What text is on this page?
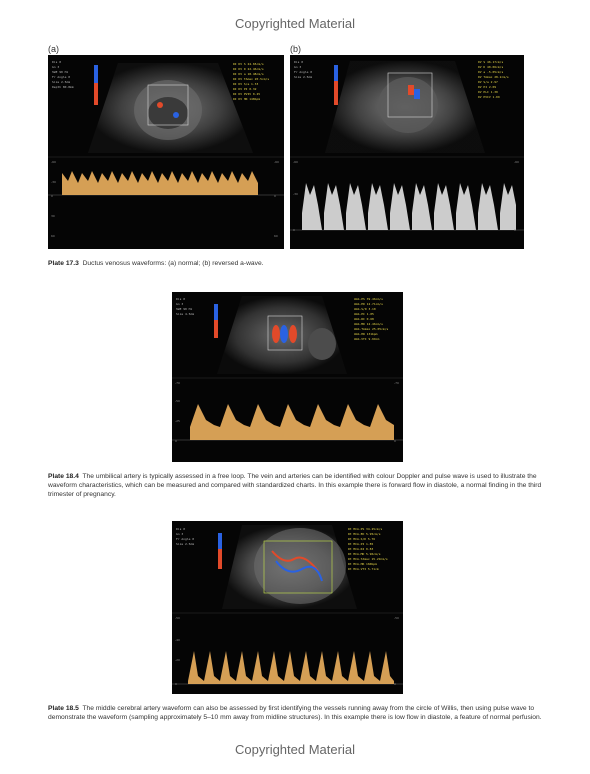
Copyrighted Material
(a)	(b)
RI DV S 24.65cm/s
RI DV D 22.46cm/s
RI DV a 18.48cm/s
RI DV TAmax 20.5cm/s
RI DV S/a 1.33
RI DV PI 0.32
RI DV PVIV 0.25
RI DV HR 148bpm
Dis 0
Gn 3
SWE 90 Hz
Fr Angle 0
Size 2.5mm
Depth 80.8mm
-60
-30
0
30
60
-60
0
60
DV S 46.17cm/s
DV D 40.06cm/s
DV a -5.05cm/s
DV TAmax 28.2cm/s
DV S/a 2.97
DV PI 2.09
DV PLI 1.30
DV PVIV 1.09
Dis 0
Gn 3
Fr Angle 0
Size 2.5mm
-60
-30
0
-60
0
Plate 17.3 Ductus venosus waveforms: (a) normal; (b) reversed a-wave.
Umb-PS 39.46cm/s
Umb-ED 12.71cm/s
Umb-S/D 3.10
Umb-PI 1.05
Umb-RI 0.68
Umb-MD 12.46cm/s
Umb-TAmax 25.05cm/s
Umb-HR 131bpm
Umb-VTI 9.99cm
Dis 0
Gn 3
SWE 90 Hz
Size 4.5mm
-70
-50
-25
0
-70
0
Plate 18.4 The umbilical artery is typically assessed in a free loop. The vein and arteries can be identified with colour Doppler and pulse wave is used to illustrate the waveform characteristics, which can be measured and compared with standardized charts. In this example there is forward flow in diastole, a normal finding in the third trimester of pregnancy.
Rt MCA-PS 34.25cm/s
Rt MCA-ED 5.95cm/s
Rt MCA-S/D 5.76
Rt MCA-PI 1.85
Rt MCA-RI 0.83
Rt MCA-MD 5.96cm/s
Rt MCA-TAmax 15.29cm/s
Rt MCA-HR 160bpm
Rt MCA-VTI 5.71cm
Dis 0
Gn 3
Fr Angle 0
Size 2.5mm
-50
-40
-20
0
-50
0
Plate 18.5 The middle cerebral artery waveform can also be assessed by first identifying the vessels running away from the circle of Willis, then using pulse wave to demonstrate the waveform (sampling approximately 5–10 mm away from midline structures). In this example there is low flow in diastole, a feature of normal perfusion.
Copyrighted Material
